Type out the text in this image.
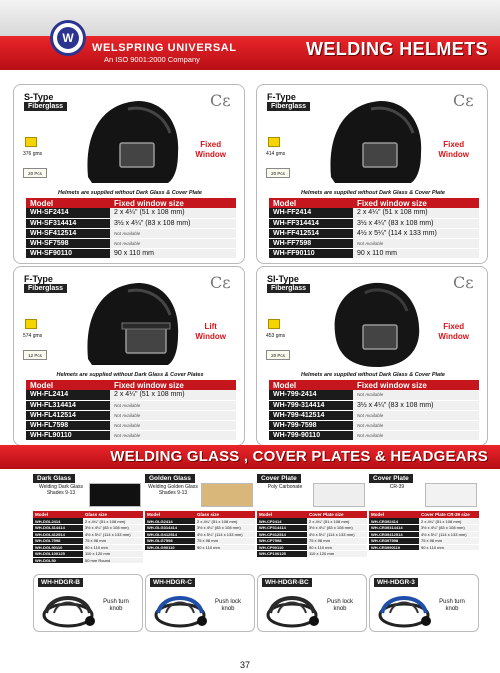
W
WELSPRING UNIVERSAL
An ISO 9001:2000 Company
WELDING HELMETS
S-Type
Fiberglass	Cε
Fixed
Window
376 gms
20 Pcs
Helmets are supplied without Dark Glass & Cover Plate
Model	Fixed window size
WH-SF2414	2 x 4¼" (51 x 108 mm)
WH-SF314414	3½ x 4¼" (83 x 108 mm)
WH-SF412514	Not Available
WH-SF7598	Not Available
WH-SF90110	90 x 110 mm
F-Type
Fiberglass	Cε
Fixed
Window
414 gms
20 Pcs
Helmets are supplied without Dark Glass & Cover Plate
Model	Fixed window size
WH-FF2414	2 x 4¼" (51 x 108 mm)
WH-FF314414	3½ x 4¼" (83 x 108 mm)
WH-FF412514	4½ x 5¼" (114 x 133 mm)
WH-FF7598	Not Available
WH-FF90110	90 x 110 mm
F-Type
Fiberglass	Cε
Lift
Window
574 gms
12 Pcs
Helmets are supplied without Dark Glass & Cover Plates
Model	Fixed window size
WH-FL2414	2 x 4¼" (51 x 108 mm)
WH-FL314414	Not Available
WH-FL412514	Not Available
WH-FL7598	Not Available
WH-FL90110	Not Available
SI-Type
Fiberglass	Cε
Fixed
Window
453 gms
20 Pcs
Helmets are supplied without Dark Glass & Cover Plate
Model	Fixed window size
WH-799-2414	Not Available
WH-799-314414	3½ x 4¼" (83 x 108 mm)
WH-799-412514	Not Available
WH-799-7598	Not Available
WH-799-90110	Not Available
WELDING GLASS , COVER PLATES & HEADGEARS
Dark Glass
Welding Dark Glass Shades 9-13
Model	Glass size
WH-DGL2414	2 x 4¼" (51 x 108 mm)
WH-DGL314414	3½ x 4¼" (83 x 108 mm)
WH-DGL412514	4½ x 5¼" (114 x 133 mm)
WH-DGL7598	75 x 98 mm
WH-DGL90110	90 x 110 mm
WH-DGL100125	110 x 120 mm
WH-DGL50	50 mm Round
Golden Glass
Welding Golden Glass Shades 9-13
Model	Glass size
WH-GLG2414	2 x 4¼" (51 x 108 mm)
WH-GLG314414	3½ x 4¼" (83 x 108 mm)
WH-GLG412514	4½ x 5¼" (114 x 133 mm)
WH-GLG7598	75 x 98 mm
WH-GLG90110	90 x 110 mm
Cover Plate
Poly Carbonate
Model	Cover Plate size
WH-CP2414	2 x 4¼" (51 x 108 mm)
WH-CP314414	3½ x 4¼" (83 x 108 mm)
WH-CP412514	4½ x 5¼" (114 x 133 mm)
WH-CP7598	75 x 98 mm
WH-CP90110	90 x 110 mm
WH-CP100125	110 x 120 mm
Cover Plate
CR-39
Model	Cover Plate CR-39 size
WH-CR392414	2 x 4¼" (51 x 108 mm)
WH-CR39314414	3½ x 4¼" (83 x 108 mm)
WH-CR39412514	4½ x 5¼" (114 x 133 mm)
WH-CR397598	75 x 98 mm
WH-CR3990110	90 x 110 mm
WH-HDGR-B
Push turn
knob
WH-HDGR-C
Push lock
knob
WH-HDGR-BC
Push lock
knob
WH-HDGR-3
Push turn
knob
37
